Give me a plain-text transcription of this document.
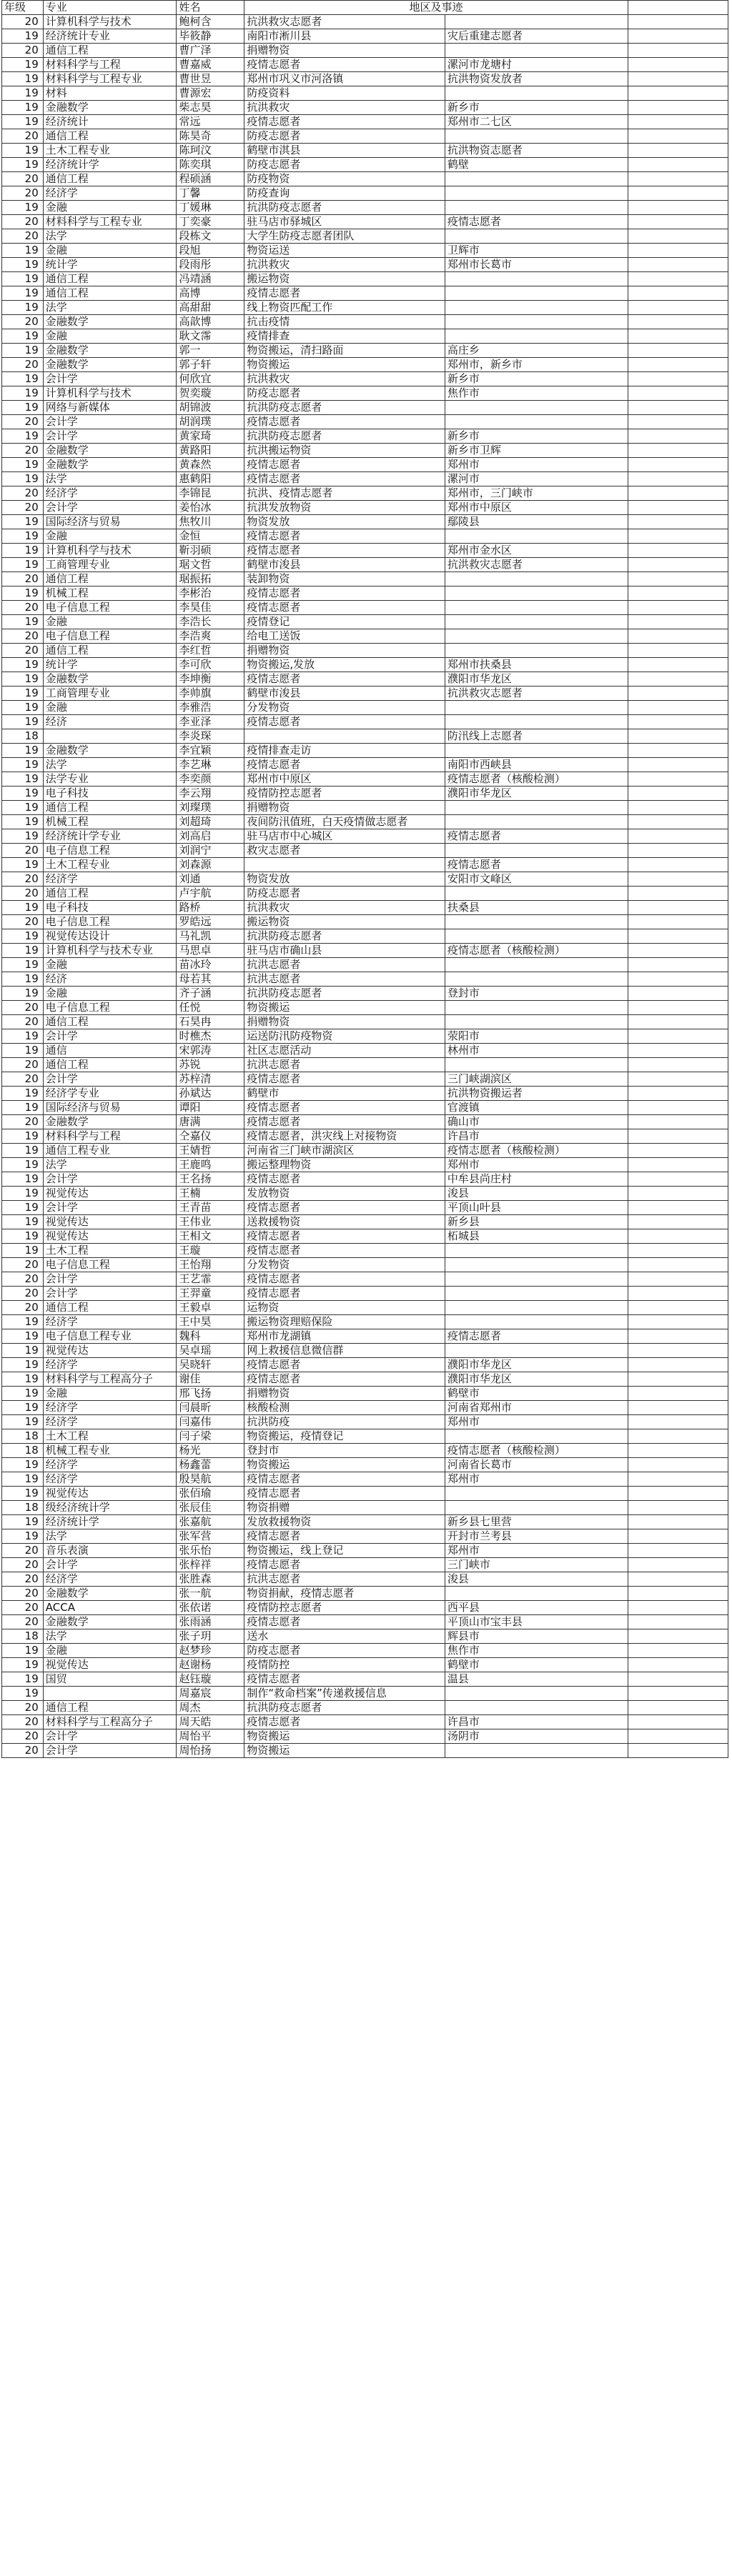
年级	专业	姓名	地区及事迹		
20	计算机科学与技术	鲍柯含	抗洪救灾志愿者		
19	经济统计专业	毕筱静	南阳市淅川县	灾后重建志愿者	
20	通信工程	曹广泽	捐赠物资		
19	材料科学与工程	曹嘉威	疫情志愿者	漯河市龙塘村	
19	材料科学与工程专业	曹世昱	郑州市巩义市河洛镇	抗洪物资发放者	
19	材料	曹源宏	防疫资料		
19	金融数学	柴志昊	抗洪救灾	新乡市	
19	经济统计	常远	疫情志愿者	郑州市二七区	
20	通信工程	陈昊奇	防疫志愿者		
19	土木工程专业	陈珂汶	鹤壁市淇县	抗洪物资志愿者	
19	经济统计学	陈奕琪	防疫志愿者	鹤壁	
20	通信工程	程硕涵	防疫物资		
20	经济学	丁馨	防疫查询		
19	金融	丁媛琳	抗洪防疫志愿者		
20	材料科学与工程专业	丁奕豪	驻马店市驿城区	疫情志愿者	
20	法学	段栋文	大学生防疫志愿者团队		
19	金融	段旭	物资运送	卫辉市	
19	统计学	段雨彤	抗洪救灾	郑州市长葛市	
19	通信工程	冯靖涵	搬运物资		
19	通信工程	高博	疫情志愿者		
19	法学	高甜甜	线上物资匹配工作		
20	金融数学	高歆博	抗击疫情		
19	金融	耿文霈	疫情排查		
19	金融数学	郭一	物资搬运，清扫路面	高庄乡	
20	金融数学	郭子轩	物资搬运	郑州市，新乡市	
19	会计学	何欣宜	抗洪救灾	新乡市	
19	计算机科学与技术	贺奕璇	防疫志愿者	焦作市	
19	网络与新媒体	胡锦波	抗洪防疫志愿者		
20	会计学	胡润璞	疫情志愿者		
19	会计学	黄家琦	抗洪防疫志愿者	新乡市	
20	金融数学	黄路阳	抗洪搬运物资	新乡市卫辉	
19	金融数学	黄森然	疫情志愿者	郑州市	
19	法学	惠鹤阳	疫情志愿者	漯河市	
20	经济学	李锦昆	抗洪、疫情志愿者	郑州市，三门峡市	
20	会计学	姜怡冰	抗洪发放物资	郑州市中原区	
19	国际经济与贸易	焦牧川	物资发放	鄢陵县	
19	金融	金恒	疫情志愿者		
19	计算机科学与技术	靳羽硕	疫情志愿者	郑州市金水区	
19	工商管理专业	琚文哲	鹤壁市浚县	抗洪救灾志愿者	
20	通信工程	琚振拓	装卸物资		
19	机械工程	李彬治	疫情志愿者		
20	电子信息工程	李昊佳	疫情志愿者		
19	金融	李浩长	疫情登记		
20	电子信息工程	李浩爽	给电工送饭		
20	通信工程	李红哲	捐赠物资		
19	统计学	李可欣	物资搬运,发放	郑州市扶桑县	
19	金融数学	李坤衡	疫情志愿者	濮阳市华龙区	
19	工商管理专业	李帅旗	鹤壁市浚县	抗洪救灾志愿者	
19	金融	李雅浩	分发物资		
19	经济	李亚泽	疫情志愿者		
18		李炎琛		防汛线上志愿者	
19	金融数学	李宜颖	疫情排查走访		
19	法学	李艺琳	疫情志愿者	南阳市西峡县	
19	法学专业	李奕颜	郑州市中原区	疫情志愿者（核酸检测）	
19	电子科技	李云翔	疫情防控志愿者	濮阳市华龙区	
19	通信工程	刘璨璞	捐赠物资		
19	机械工程	刘超琦	夜间防汛值班，白天疫情做志愿者		
19	经济统计学专业	刘高启	驻马店市中心城区	疫情志愿者	
20	电子信息工程	刘润宁	救灾志愿者		
19	土木工程专业	刘森源		疫情志愿者	
20	经济学	刘通	物资发放	安阳市文峰区	
20	通信工程	卢宇航	防疫志愿者		
19	电子科技	路桥	抗洪救灾	扶桑县	
20	电子信息工程	罗皓远	搬运物资		
19	视觉传达设计	马礼凯	抗洪防疫志愿者		
19	计算机科学与技术专业	马思卓	驻马店市确山县	疫情志愿者（核酸检测）	
19	金融	苗冰玲	抗洪志愿者		
19	经济	母若其	抗洪志愿者		
19	金融	齐子涵	抗洪防疫志愿者	登封市	
20	电子信息工程	任悦	物资搬运		
20	通信工程	石昊冉	捐赠物资		
19	会计学	时樵杰	运送防汛防疫物资	荥阳市	
19	通信	宋郭涛	社区志愿活动	林州市	
20	通信工程	苏锐	抗洪志愿者		
20	会计学	苏梓清	疫情志愿者	三门峡湖滨区	
19	经济学专业	孙斌达	鹤壁市	抗洪物资搬运者	
19	国际经济与贸易	谭阳	疫情志愿者	官渡镇	
20	金融数学	唐满	疫情志愿者	确山市	
19	材料科学与工程	仝嘉仪	疫情志愿者，洪灾线上对接物资	许昌市	
19	通信工程专业	王婧哲	河南省三门峡市湖滨区	疫情志愿者（核酸检测）	
19	法学	王鹿鸣	搬运整理物资	郑州市	
19	会计学	王名扬	疫情志愿者	中牟县尚庄村	
19	视觉传达	王楠	发放物资	浚县	
19	会计学	王青苗	疫情志愿者	平顶山叶县	
19	视觉传达	王伟业	送救援物资	新乡县	
19	视觉传达	王相文	疫情志愿者	柘城县	
19	土木工程	王璇	疫情志愿者		
20	电子信息工程	王怡翔	分发物资		
20	会计学	王艺霏	疫情志愿者		
20	会计学	王羿童	疫情志愿者		
20	通信工程	王毅卓	运物资		
19	经济学	王中昊	搬运物资理赔保险		
19	电子信息工程专业	魏科	郑州市龙湖镇	疫情志愿者	
19	视觉传达	吴卓瑶	网上救援信息微信群		
19	经济学	吴晓轩	疫情志愿者	濮阳市华龙区	
19	材料科学与工程高分子	谢佳	疫情志愿者	濮阳市华龙区	
19	金融	邢飞扬	捐赠物资	鹤壁市	
19	经济学	闫晨昕	核酸检测	河南省郑州市	
19	经济学	闫嘉伟	抗洪防疫	郑州市	
18	土木工程	闫子梁	物资搬运，疫情登记		
18	机械工程专业	杨光	登封市	疫情志愿者（核酸检测）	
19	经济学	杨鑫蕾	物资搬运	河南省长葛市	
19	经济学	殷昊航	疫情志愿者	郑州市	
19	视觉传达	张佰瑜	疫情志愿者		
18	级经济统计学	张辰佳	物资捐赠		
19	经济统计学	张嘉航	发放救援物资	新乡县七里营	
19	法学	张军营	疫情志愿者	开封市兰考县	
20	音乐表演	张乐怡	物资搬运，线上登记	郑州市	
20	会计学	张梓祥	疫情志愿者	三门峡市	
20	经济学	张胜森	抗洪志愿者	浚县	
20	金融数学	张一航	物资捐献，疫情志愿者		
20	ACCA	张依诺	疫情防控志愿者	西平县	
20	金融数学	张雨涵	疫情志愿者	平顶山市宝丰县	
18	法学	张子玥	送水	辉县市	
19	金融	赵梦珍	防疫志愿者	焦作市	
19	视觉传达	赵谢杨	疫情防控	鹤壁市	
19	国贸	赵钰璇	疫情志愿者	温县	
19		周嘉宸	制作“救命档案”传递救援信息		
20	通信工程	周杰	抗洪防疫志愿者		
20	材料科学与工程高分子	周天皓	疫情志愿者	许昌市	
20	会计学	周怡平	物资搬运	汤阴市	
20	会计学	周怡扬	物资搬运		
